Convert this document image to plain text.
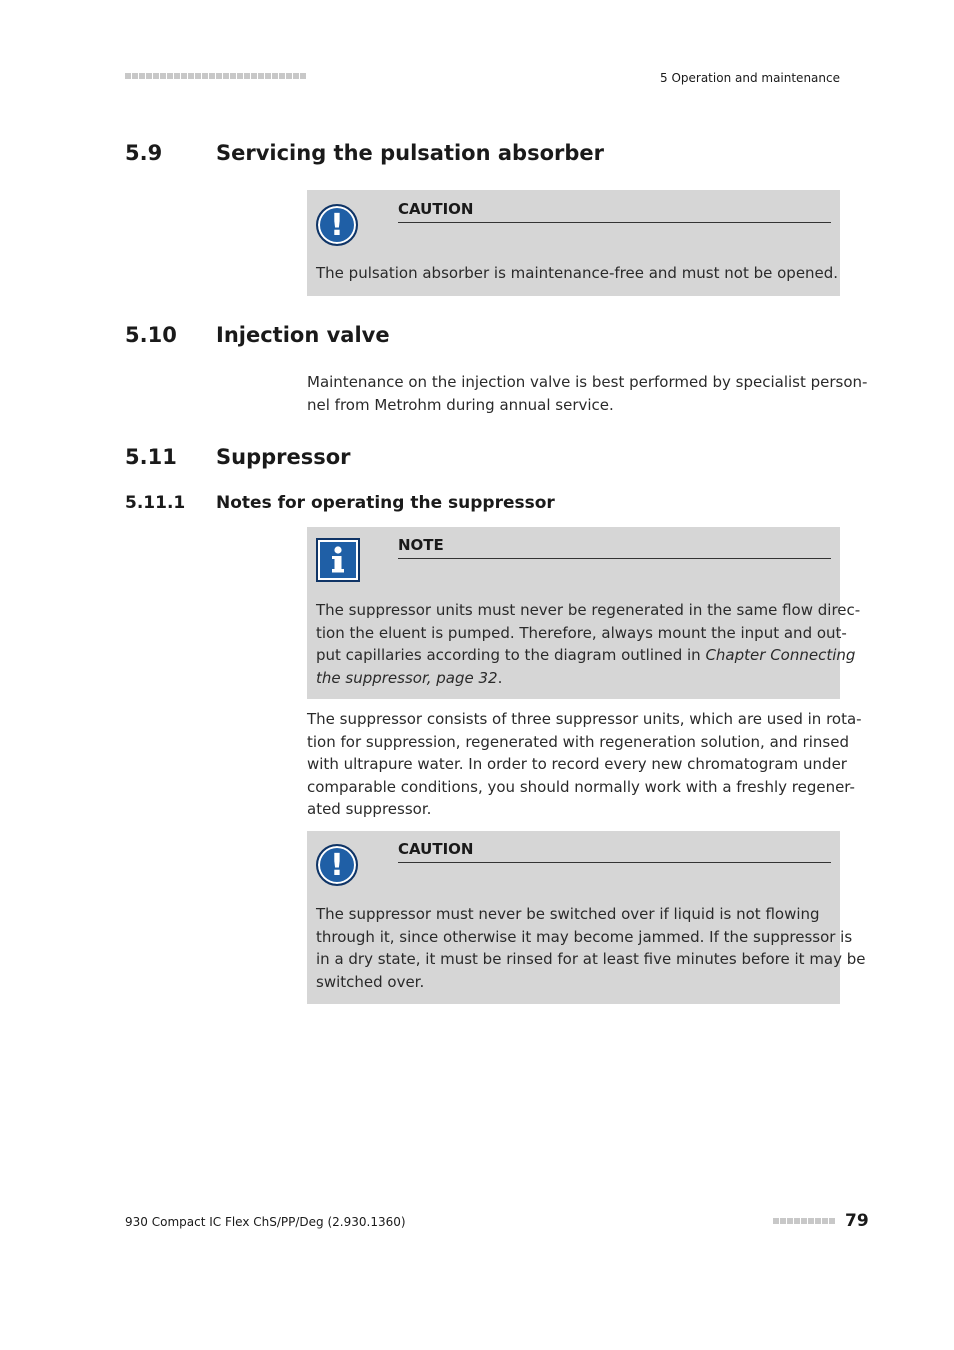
5 Operation and maintenance
5.9	Servicing the pulsation absorber
!	CAUTION
The pulsation absorber is maintenance-free and must not be opened.
5.10 Injection valve
Maintenance on the injection valve is best performed by specialist person-
nel from Metrohm during annual service.
5.11 Suppressor
5.11.1 Notes for operating the suppressor
NOTE
The suppressor units must never be regenerated in the same flow direc-
tion the eluent is pumped. Therefore, always mount the input and out-
put capillaries according to the diagram outlined in Chapter Connecting
the suppressor, page 32.
The suppressor consists of three suppressor units, which are used in rota-
tion for suppression, regenerated with regeneration solution, and rinsed
with ultrapure water. In order to record every new chromatogram under
comparable conditions, you should normally work with a freshly regener-
ated suppressor.
!	CAUTION
The suppressor must never be switched over if liquid is not flowing
through it, since otherwise it may become jammed. If the suppressor is
in a dry state, it must be rinsed for at least five minutes before it may be
switched over.
930 Compact IC Flex ChS/PP/Deg (2.930.1360)	79
